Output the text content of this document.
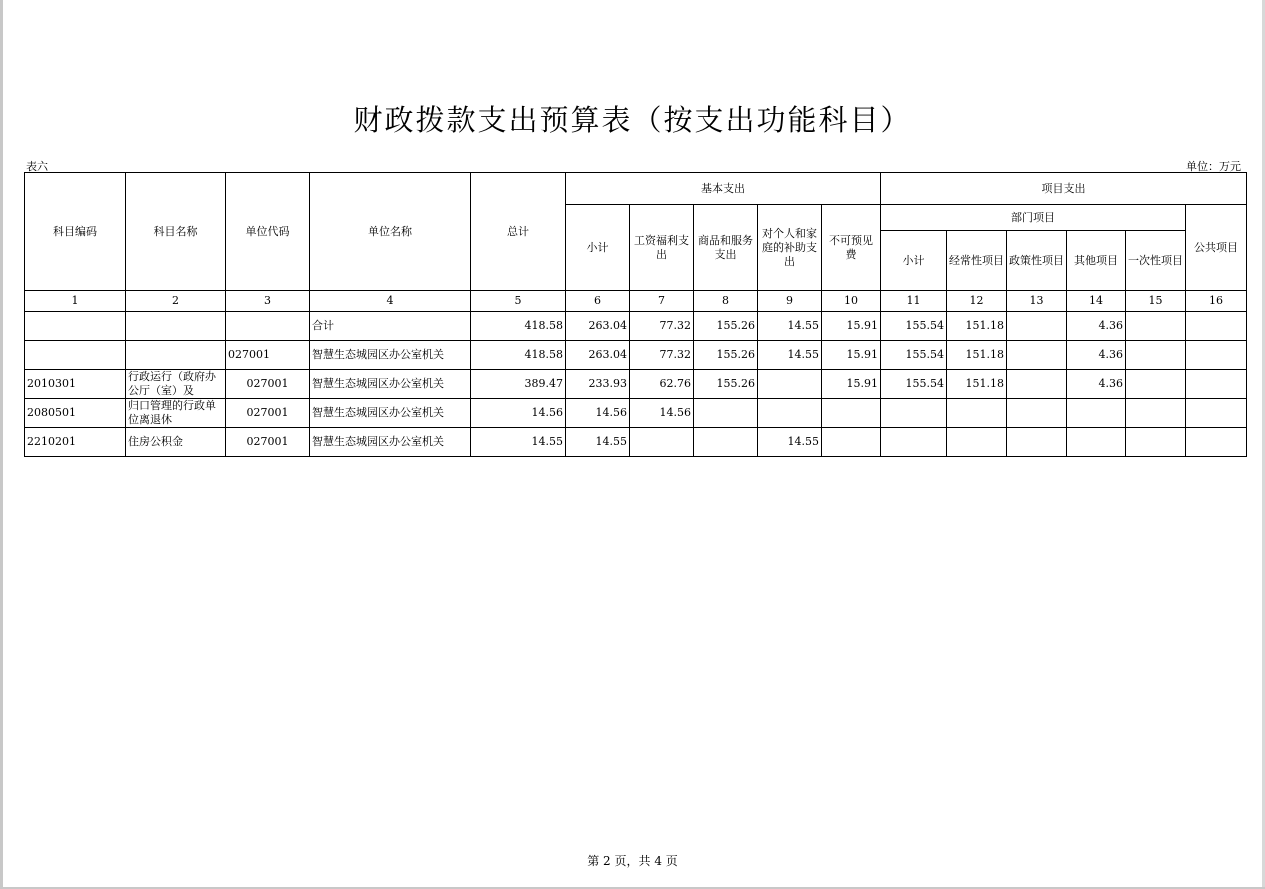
财政拨款支出预算表（按支出功能科目）
表六	单位：万元
科目编码	科目名称	单位代码	单位名称	总计	基本支出					项目支出					
					小计	工资福利支出	商品和服务支出	对个人和家庭的补助支出	不可预见费	部门项目					公共项目
										小计	经常性项目	政策性项目	其他项目	一次性项目	
1	2	3	4	5	6	7	8	9	10	11	12	13	14	15	16
			合计	418.58	263.04	77.32	155.26	14.55	15.91	155.54	151.18		4.36		
		027001	智慧生态城园区办公室机关	418.58	263.04	77.32	155.26	14.55	15.91	155.54	151.18		4.36		
2010301	行政运行（政府办公厅（室）及	027001	智慧生态城园区办公室机关	389.47	233.93	62.76	155.26		15.91	155.54	151.18		4.36		
2080501	归口管理的行政单位离退休	027001	智慧生态城园区办公室机关	14.56	14.56	14.56									
2210201	住房公积金	027001	智慧生态城园区办公室机关	14.55	14.55			14.55							
第 2 页，共 4 页
